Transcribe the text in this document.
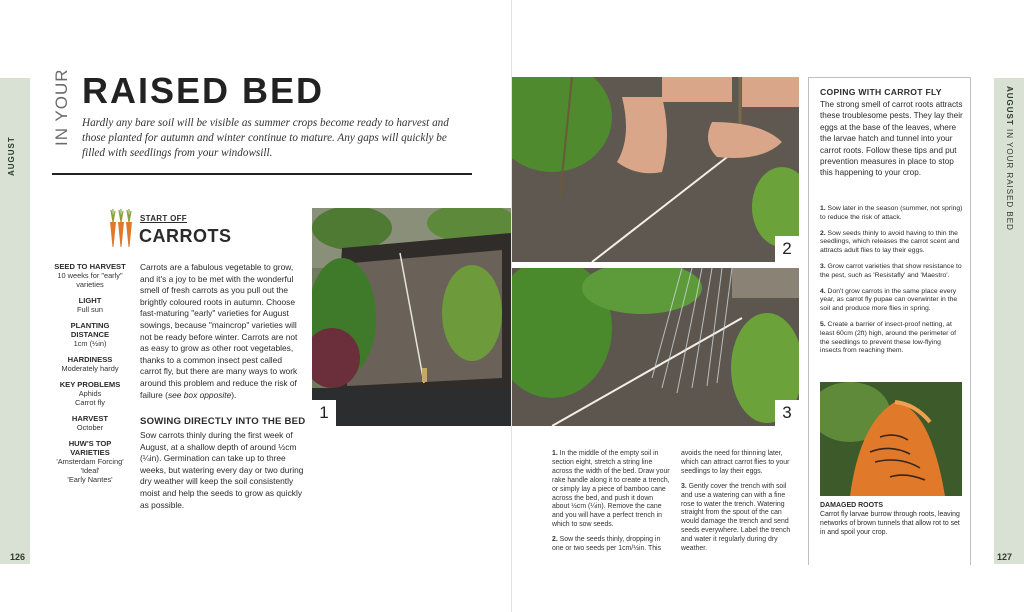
AUGUST
AUGUST IN YOUR RAISED BED
126	127
IN YOUR RAISED BED
Hardly any bare soil will be visible as summer crops become ready to harvest and those planted for autumn and winter continue to mature. Any gaps will quickly be filled with seedlings from your windowsill.
START OFF
CARROTS
SEED TO HARVEST
10 weeks for "early" varieties
LIGHT
Full sun
PLANTING DISTANCE
1cm (½in)
HARDINESS
Moderately hardy
KEY PROBLEMS
Aphids
Carrot fly
HARVEST
October
HUW'S TOP VARIETIES
'Amsterdam Forcing'
'Ideal'
'Early Nantes'
Carrots are a fabulous vegetable to grow, and it's a joy to be met with the wonderful smell of fresh carrots as you pull out the brightly coloured roots in autumn. Choose fast-maturing "early" varieties for August sowings, because "maincrop" varieties will not be ready before winter. Carrots are not as easy to grow as other root vegetables, thanks to a common insect pest called carrot fly, but there are many ways to work around this problem and reduce the risk of failure (see box opposite).
SOWING DIRECTLY INTO THE BED
Sow carrots thinly during the first week of August, at a shallow depth of around ½cm (¼in). Germination can take up to three weeks, but watering every day or two during dry weather will keep the soil consistently moist and help the seeds to grow as quickly as possible.
1
2
3

1. In the middle of the empty soil in section eight, stretch a string line across the width of the bed. Draw your rake handle along it to create a trench, or simply lay a piece of bamboo cane across the bed, and push it down about ½cm (¼in). Remove the cane and you will have a perfect trench in which to sow seeds.

2. Sow the seeds thinly, dropping in one or two seeds per 1cm/½in. This

avoids the need for thinning later, which can attract carrot flies to your seedlings to lay their eggs.

3. Gently cover the trench with soil and use a watering can with a fine rose to water the trench. Watering straight from the spout of the can would damage the trench and send seeds everywhere. Label the trench and water it regularly during dry weather.

COPING WITH CARROT FLY
The strong smell of carrot roots attracts these troublesome pests. They lay their eggs at the base of the leaves, where the larvae hatch and tunnel into your carrot roots. Follow these tips and put prevention measures in place to stop this happening to your crop.
1. Sow later in the season (summer, not spring) to reduce the risk of attack.
2. Sow seeds thinly to avoid having to thin the seedlings, which releases the carrot scent and attracts adult flies to lay their eggs.
3. Grow carrot varieties that show resistance to the pest, such as 'Resistafly' and 'Maestro'.
4. Don't grow carrots in the same place every year, as carrot fly pupae can overwinter in the soil and produce more flies in spring.
5. Create a barrier of insect-proof netting, at least 60cm (2ft) high, around the perimeter of the seedlings to prevent these low-flying insects from reaching them.
DAMAGED ROOTS
Carrot fly larvae burrow through roots, leaving networks of brown tunnels that allow rot to set in and spoil your crop.
